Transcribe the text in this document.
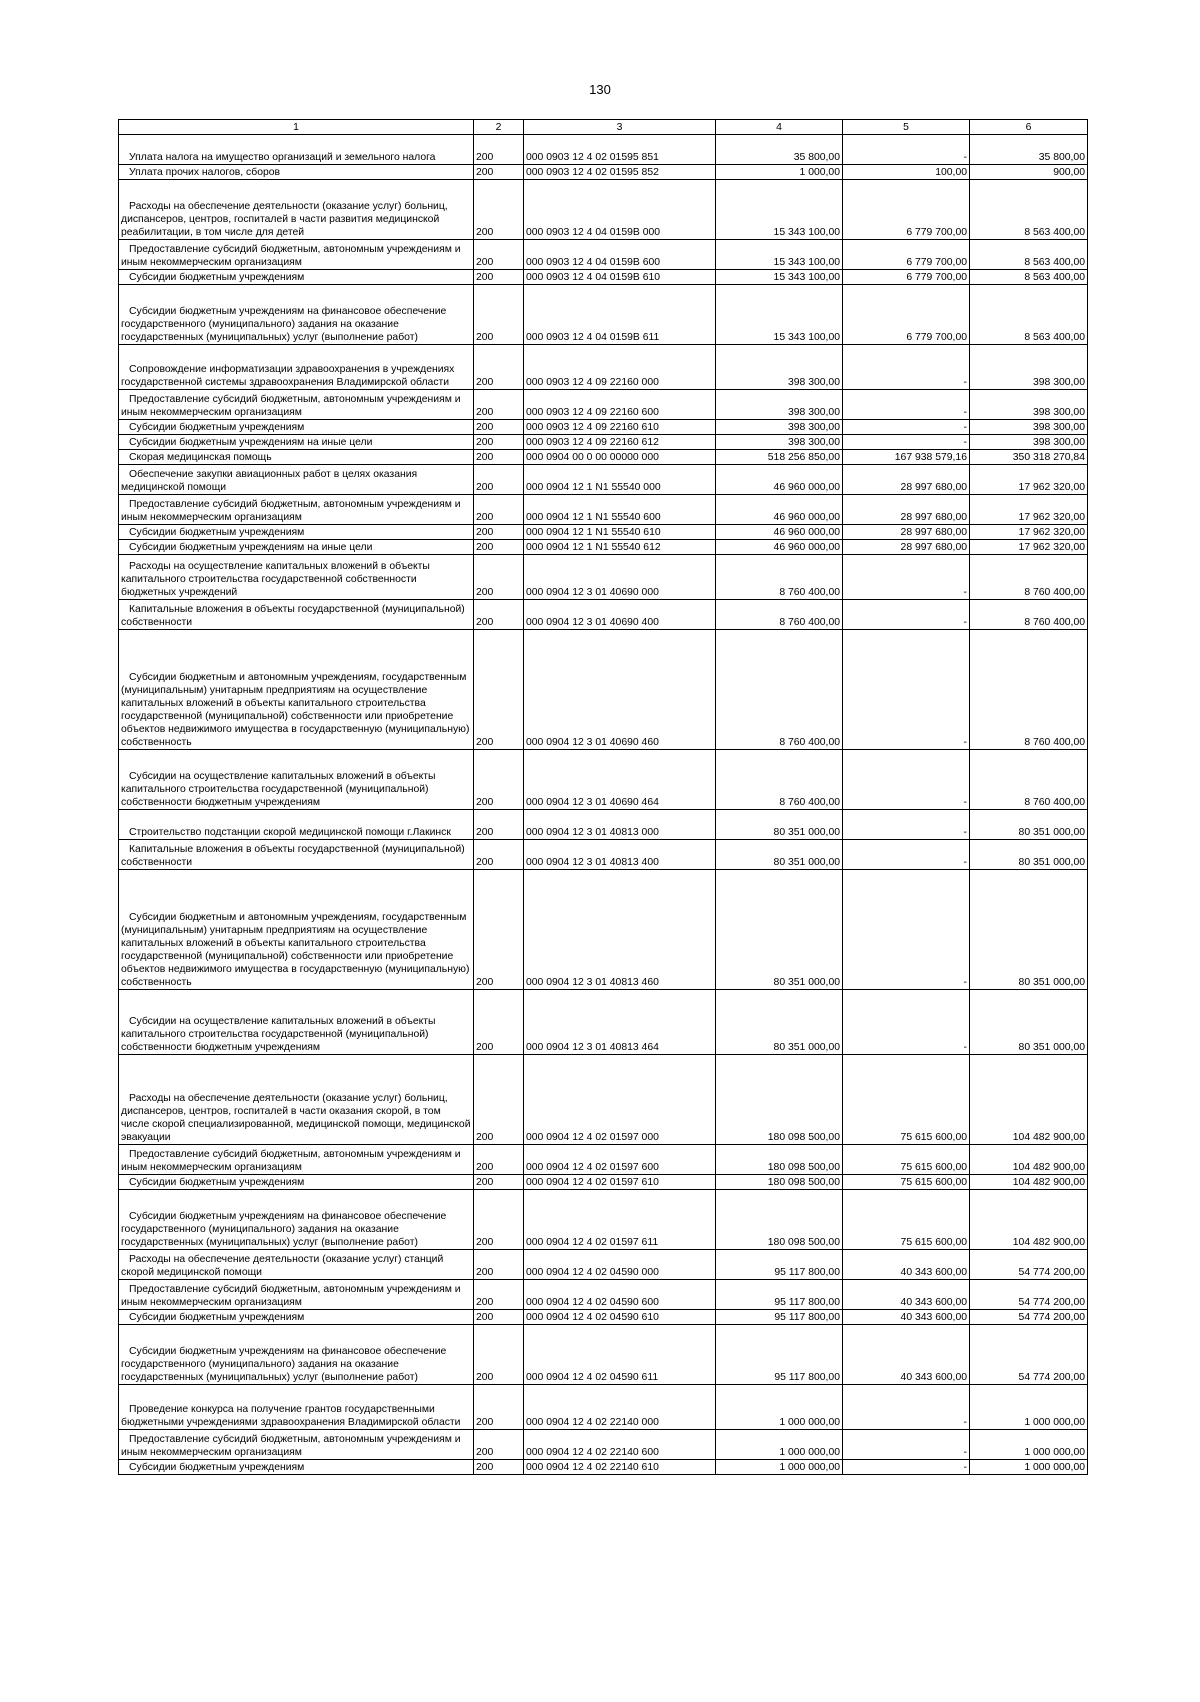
130
1	2	3	4	5	6

Уплата налога на имущество организаций и земельного налога	200	000 0903 12 4 02 01595 851	35 800,00	-	35 800,00

Уплата прочих налогов, сборов	200	000 0903 12 4 02 01595 852	1 000,00	100,00	900,00

Расходы на обеспечение деятельности (оказание услуг) больниц, диспансеров, центров, госпиталей в части развития медицинской реабилитации, в том числе для детей	200	000 0903 12 4 04 0159В 000	15 343 100,00	6 779 700,00	8 563 400,00

Предоставление субсидий бюджетным, автономным учреждениям и иным некоммерческим организациям	200	000 0903 12 4 04 0159В 600	15 343 100,00	6 779 700,00	8 563 400,00

Субсидии бюджетным учреждениям	200	000 0903 12 4 04 0159В 610	15 343 100,00	6 779 700,00	8 563 400,00

Субсидии бюджетным учреждениям на финансовое обеспечение государственного (муниципального) задания на оказание государственных (муниципальных) услуг (выполнение работ)	200	000 0903 12 4 04 0159В 611	15 343 100,00	6 779 700,00	8 563 400,00

Сопровождение информатизации здравоохранения в учреждениях государственной системы здравоохранения Владимирской области	200	000 0903 12 4 09 22160 000	398 300,00	-	398 300,00

Предоставление субсидий бюджетным, автономным учреждениям и иным некоммерческим организациям	200	000 0903 12 4 09 22160 600	398 300,00	-	398 300,00

Субсидии бюджетным учреждениям	200	000 0903 12 4 09 22160 610	398 300,00	-	398 300,00

Субсидии бюджетным учреждениям на иные цели	200	000 0903 12 4 09 22160 612	398 300,00	-	398 300,00

Скорая медицинская помощь	200	000 0904 00 0 00 00000 000	518 256 850,00	167 938 579,16	350 318 270,84

Обеспечение закупки авиационных работ в целях оказания медицинской помощи	200	000 0904 12 1 N1 55540 000	46 960 000,00	28 997 680,00	17 962 320,00

Предоставление субсидий бюджетным, автономным учреждениям и иным некоммерческим организациям	200	000 0904 12 1 N1 55540 600	46 960 000,00	28 997 680,00	17 962 320,00

Субсидии бюджетным учреждениям	200	000 0904 12 1 N1 55540 610	46 960 000,00	28 997 680,00	17 962 320,00

Субсидии бюджетным учреждениям на иные цели	200	000 0904 12 1 N1 55540 612	46 960 000,00	28 997 680,00	17 962 320,00

Расходы на осуществление капитальных вложений в объекты капитального строительства государственной собственности бюджетных учреждений	200	000 0904 12 3 01 40690 000	8 760 400,00	-	8 760 400,00

Капитальные вложения в объекты государственной (муниципальной) собственности	200	000 0904 12 3 01 40690 400	8 760 400,00	-	8 760 400,00

Субсидии бюджетным и автономным учреждениям, государственным (муниципальным) унитарным предприятиям на осуществление капитальных вложений в объекты капитального строительства государственной (муниципальной) собственности или приобретение объектов недвижимого имущества в государственную (муниципальную) собственность	200	000 0904 12 3 01 40690 460	8 760 400,00	-	8 760 400,00

Субсидии на осуществление капитальных вложений в объекты капитального строительства государственной (муниципальной) собственности бюджетным учреждениям	200	000 0904 12 3 01 40690 464	8 760 400,00	-	8 760 400,00

Строительство подстанции скорой медицинской помощи г.Лакинск	200	000 0904 12 3 01 40813 000	80 351 000,00	-	80 351 000,00

Капитальные вложения в объекты государственной (муниципальной) собственности	200	000 0904 12 3 01 40813 400	80 351 000,00	-	80 351 000,00

Субсидии бюджетным и автономным учреждениям, государственным (муниципальным) унитарным предприятиям на осуществление капитальных вложений в объекты капитального строительства государственной (муниципальной) собственности или приобретение объектов недвижимого имущества в государственную (муниципальную) собственность	200	000 0904 12 3 01 40813 460	80 351 000,00	-	80 351 000,00

Субсидии на осуществление капитальных вложений в объекты капитального строительства государственной (муниципальной) собственности бюджетным учреждениям	200	000 0904 12 3 01 40813 464	80 351 000,00	-	80 351 000,00

Расходы на обеспечение деятельности (оказание услуг) больниц, диспансеров, центров, госпиталей в части оказания скорой, в том числе скорой специализированной, медицинской помощи, медицинской эвакуации	200	000 0904 12 4 02 01597 000	180 098 500,00	75 615 600,00	104 482 900,00

Предоставление субсидий бюджетным, автономным учреждениям и иным некоммерческим организациям	200	000 0904 12 4 02 01597 600	180 098 500,00	75 615 600,00	104 482 900,00

Субсидии бюджетным учреждениям	200	000 0904 12 4 02 01597 610	180 098 500,00	75 615 600,00	104 482 900,00

Субсидии бюджетным учреждениям на финансовое обеспечение государственного (муниципального) задания на оказание государственных (муниципальных) услуг (выполнение работ)	200	000 0904 12 4 02 01597 611	180 098 500,00	75 615 600,00	104 482 900,00

Расходы на обеспечение деятельности (оказание услуг) станций скорой медицинской помощи	200	000 0904 12 4 02 04590 000	95 117 800,00	40 343 600,00	54 774 200,00

Предоставление субсидий бюджетным, автономным учреждениям и иным некоммерческим организациям	200	000 0904 12 4 02 04590 600	95 117 800,00	40 343 600,00	54 774 200,00

Субсидии бюджетным учреждениям	200	000 0904 12 4 02 04590 610	95 117 800,00	40 343 600,00	54 774 200,00

Субсидии бюджетным учреждениям на финансовое обеспечение государственного (муниципального) задания на оказание государственных (муниципальных) услуг (выполнение работ)	200	000 0904 12 4 02 04590 611	95 117 800,00	40 343 600,00	54 774 200,00

Проведение конкурса на получение грантов государственными бюджетными учреждениями здравоохранения Владимирской области	200	000 0904 12 4 02 22140 000	1 000 000,00	-	1 000 000,00

Предоставление субсидий бюджетным, автономным учреждениям и иным некоммерческим организациям	200	000 0904 12 4 02 22140 600	1 000 000,00	-	1 000 000,00

Субсидии бюджетным учреждениям	200	000 0904 12 4 02 22140 610	1 000 000,00	-	1 000 000,00
